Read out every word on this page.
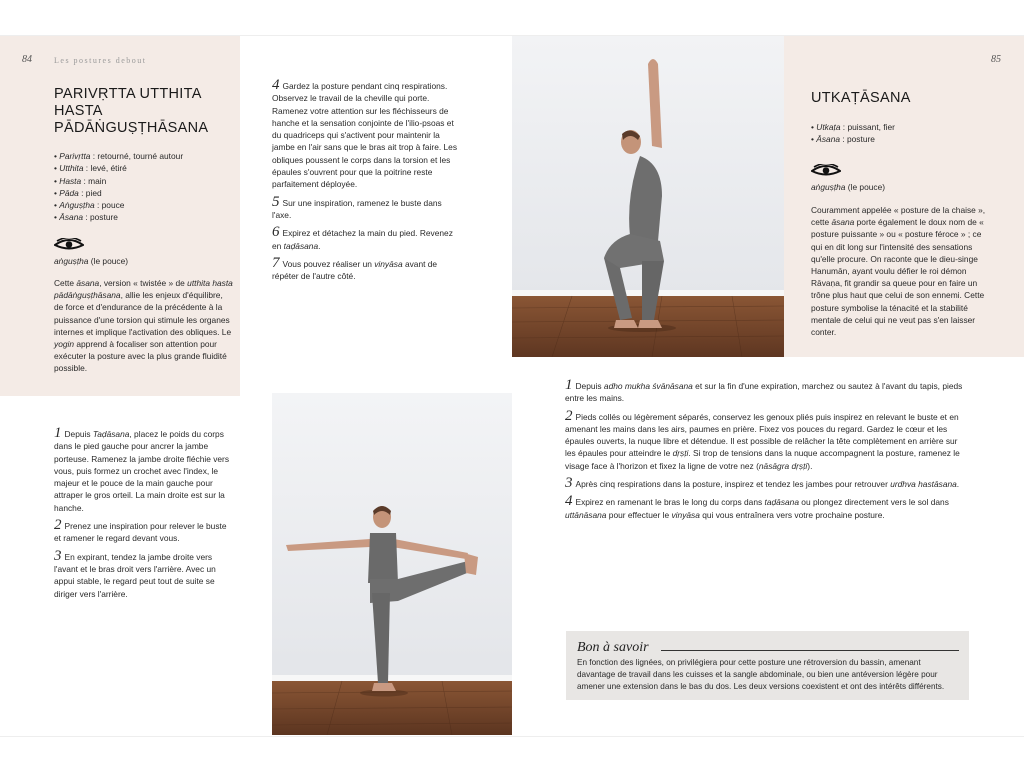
84	Les postures debout	85
PARIVṚTTA UTTHITA HASTA PĀDĀṄGUṢṬHĀSANA
• Parivṛtta : retourné, tourné autour
• Utthita : levé, étiré
• Hasta : main
• Pāda : pied
• Aṅguṣṭha : pouce
• Āsana : posture
aṅguṣṭha (le pouce)

Cette āsana, version « twistée » de utthita hasta pādāṅguṣṭhāsana, allie les enjeux d'équilibre, de force et d'endurance de la précédente à la puissance d'une torsion qui stimule les organes internes et implique l'activation des obliques. Le yogin apprend à focaliser son attention pour exécuter la posture avec la plus grande fluidité possible.

1 Depuis Taḍāsana, placez le poids du corps dans le pied gauche pour ancrer la jambe porteuse. Ramenez la jambe droite fléchie vers vous, puis formez un crochet avec l'index, le majeur et le pouce de la main gauche pour attraper le gros orteil. La main droite est sur la hanche.
2 Prenez une inspiration pour relever le buste et ramener le regard devant vous.
3 En expirant, tendez la jambe droite vers l'avant et le bras droit vers l'arrière. Avec un appui stable, le regard peut tout de suite se diriger vers l'arrière.
4 Gardez la posture pendant cinq respirations. Observez le travail de la cheville qui porte. Ramenez votre attention sur les fléchisseurs de hanche et la sensation conjointe de l'ilio-psoas et du quadriceps qui s'activent pour maintenir la jambe en l'air sans que le bras ait trop à faire. Les obliques poussent le corps dans la torsion et les épaules s'ouvrent pour que la poitrine reste parfaitement déployée.
5 Sur une inspiration, ramenez le buste dans l'axe.
6 Expirez et détachez la main du pied. Revenez en taḍāsana.
7 Vous pouvez réaliser un vinyāsa avant de répéter de l'autre côté.
UTKAṬĀSANA
• Utkaṭa : puissant, fier
• Āsana : posture
aṅguṣṭha (le pouce)

Couramment appelée « posture de la chaise », cette āsana porte également le doux nom de « posture puissante » ou « posture féroce » ; ce qui en dit long sur l'intensité des sensations qu'elle procure. On raconte que le dieu-singe Hanumān, ayant voulu défier le roi démon Rāvaṇa, fit grandir sa queue pour en faire un trône plus haut que celui de son ennemi. Cette posture symbolise la ténacité et la stabilité mentale de celui qui ne veut pas s'en laisser conter.

1 Depuis adho mukha śvānāsana et sur la fin d'une expiration, marchez ou sautez à l'avant du tapis, pieds entre les mains.
2 Pieds collés ou légèrement séparés, conservez les genoux pliés puis inspirez en relevant le buste et en amenant les mains dans les airs, paumes en prière. Fixez vos pouces du regard. Gardez le cœur et les épaules ouverts, la nuque libre et détendue. Il est possible de relâcher la tête complètement en arrière sur les épaules pour atteindre le dṛṣṭi. Si trop de tensions dans la nuque accompagnent la posture, ramenez le visage face à l'horizon et fixez la ligne de votre nez (nāsāgra dṛṣṭi).
3 Après cinq respirations dans la posture, inspirez et tendez les jambes pour retrouver urdhva hastāsana.
4 Expirez en ramenant le bras le long du corps dans taḍāsana ou plongez directement vers le sol dans uttānāsana pour effectuer le vinyāsa qui vous entraînera vers votre prochaine posture.
Bon à savoir
En fonction des lignées, on privilégiera pour cette posture une rétroversion du bassin, amenant davantage de travail dans les cuisses et la sangle abdominale, ou bien une antéversion légère pour amener une extension dans le bas du dos. Les deux versions coexistent et ont des intérêts différents.
